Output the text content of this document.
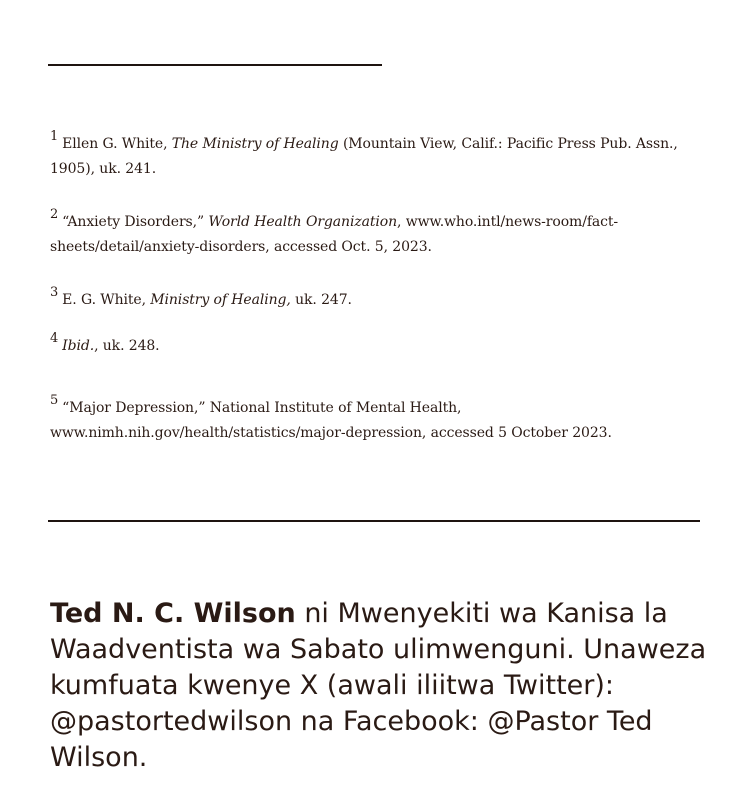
$^1$ Ellen G. White, The Ministry of Healing (Mountain View, Calif.: Pacific Press Pub. Assn., 1905), uk. 241.
$^2$ “Anxiety Disorders,” World Health Organization, www.who.intl/news-room/fact-sheets/detail/anxiety-disorders, accessed Oct. 5, 2023.
$^3$ E. G. White, Ministry of Healing, uk. 247.
$^4$ Ibid., uk. 248.
$^5$ “Major Depression,” National Institute of Mental Health, www.nimh.nih.gov/health/statistics/major-depression, accessed 5 October 2023.
Ted N. C. Wilson ni Mwenyekiti wa Kanisa la Waadventista wa Sabato ulimwenguni. Unaweza kumfuata kwenye X (awali iliitwa Twitter): @pastortedwilson na Facebook: @Pastor Ted Wilson.
